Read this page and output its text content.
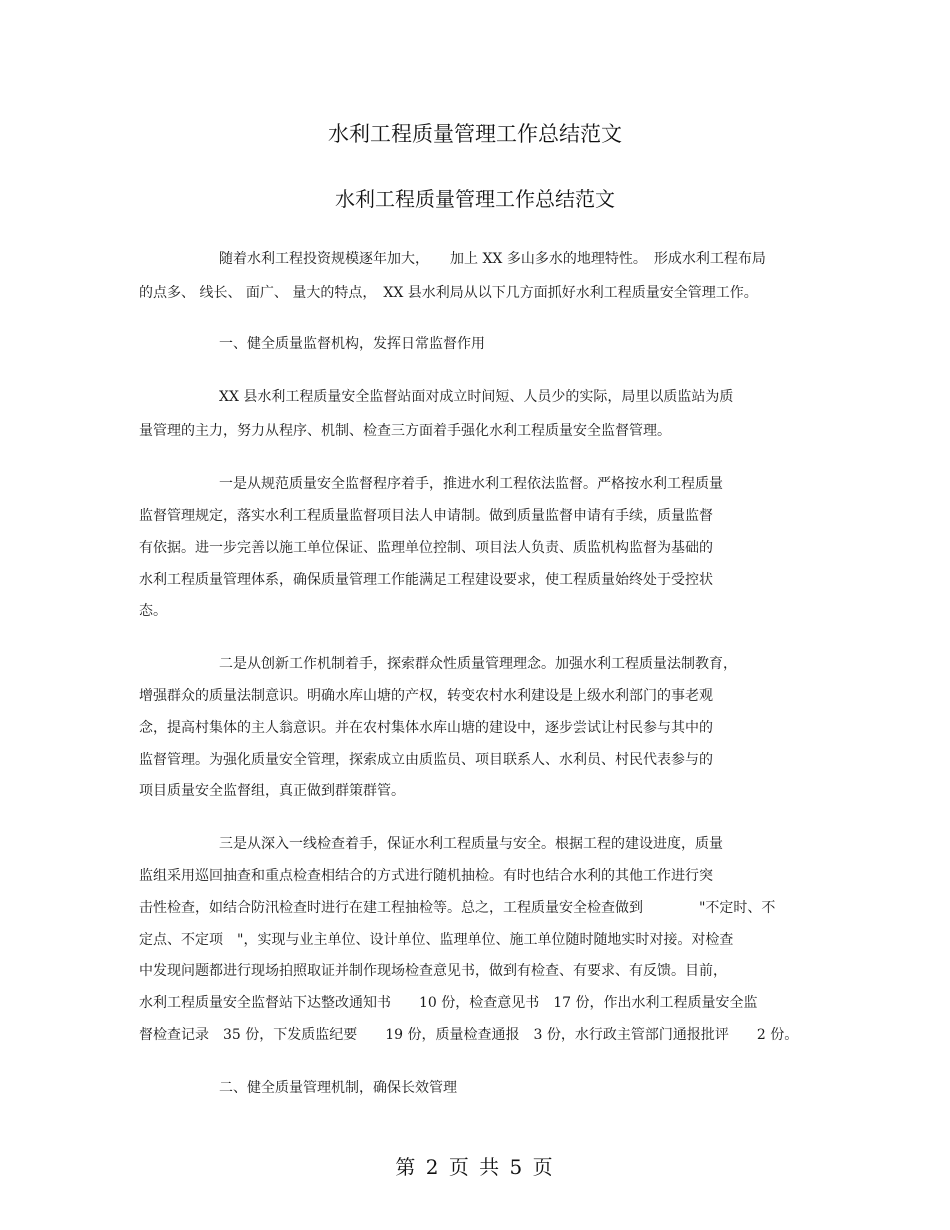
水利工程质量管理工作总结范文
水利工程质量管理工作总结范文
随着水利工程投资规模逐年加大，　　加上 XX 多山多水的地理特性。　形成水利工程布局
的点多、 线长、 面广、 量大的特点，　XX 县水利局从以下几方面抓好水利工程质量安全管理工作。
一、健全质量监督机构，发挥日常监督作用
XX 县水利工程质量安全监督站面对成立时间短、人员少的实际，局里以质监站为质
量管理的主力，努力从程序、机制、检查三方面着手强化水利工程质量安全监督管理。
一是从规范质量安全监督程序着手，推进水利工程依法监督。严格按水利工程质量
监督管理规定，落实水利工程质量监督项目法人申请制。做到质量监督申请有手续，质量监督
有依据。进一步完善以施工单位保证、监理单位控制、项目法人负责、质监机构监督为基础的
水利工程质量管理体系，确保质量管理工作能满足工程建设要求，使工程质量始终处于受控状
态。
二是从创新工作机制着手，探索群众性质量管理理念。加强水利工程质量法制教育，
增强群众的质量法制意识。明确水库山塘的产权，转变农村水利建设是上级水利部门的事老观
念，提高村集体的主人翁意识。并在农村集体水库山塘的建设中，逐步尝试让村民参与其中的
监督管理。为强化质量安全管理，探索成立由质监员、项目联系人、水利员、村民代表参与的
项目质量安全监督组，真正做到群策群管。
三是从深入一线检查着手，保证水利工程质量与安全。根据工程的建设进度，质量
监组采用巡回抽查和重点检查相结合的方式进行随机抽检。有时也结合水利的其他工作进行突
击性检查，如结合防汛检查时进行在建工程抽检等。总之，工程质量安全检查做到　　　　"不定时、不
定点、不定项　"，实现与业主单位、设计单位、监理单位、施工单位随时随地实时对接。对检查
中发现问题都进行现场拍照取证并制作现场检查意见书，做到有检查、有要求、有反馈。目前，
水利工程质量安全监督站下达整改通知书　　10 份，检查意见书　17 份，作出水利工程质量安全监
督检查记录　35 份，下发质监纪要　　19 份，质量检查通报　3 份，水行政主管部门通报批评　　2 份。
二、健全质量管理机制，确保长效管理
第 2 页 共 5 页
